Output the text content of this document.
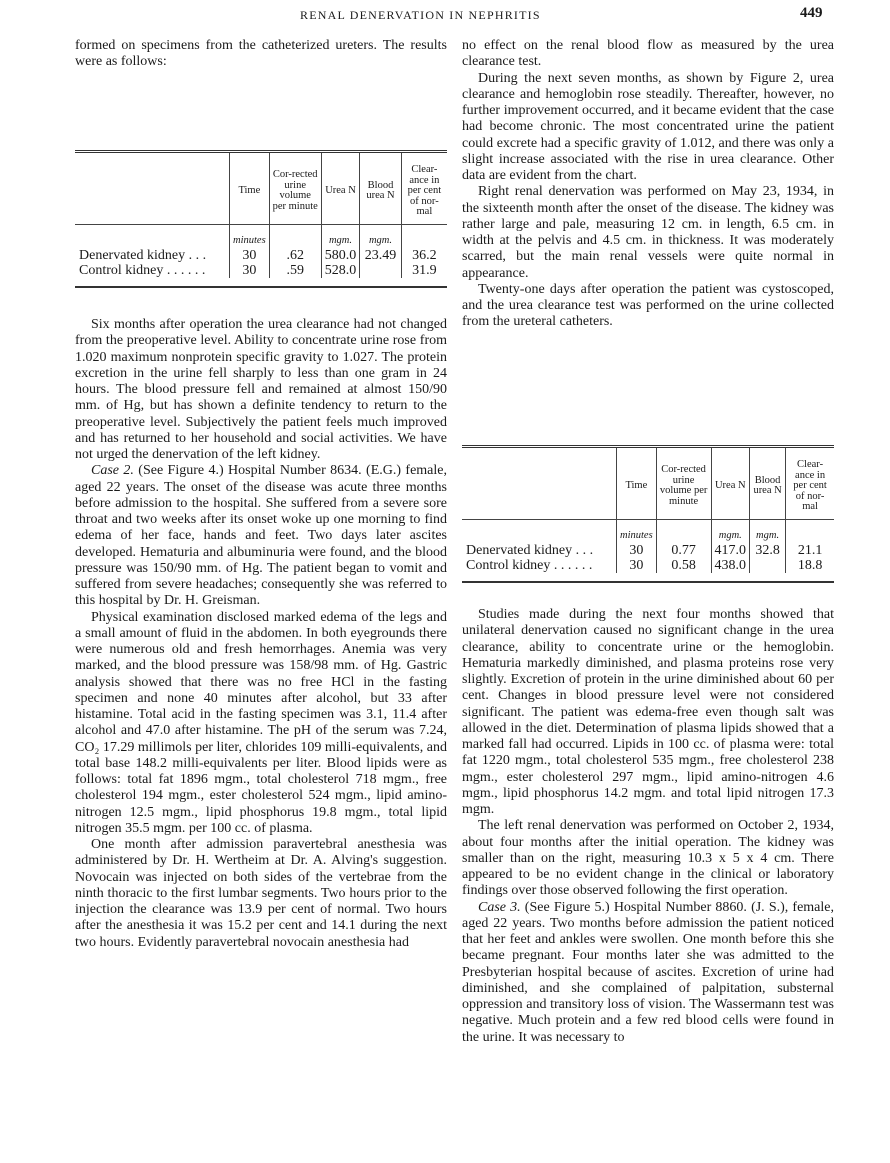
RENAL DENERVATION IN NEPHRITIS	449

formed on specimens from the catheterized ureters. The results were as follows:

	Time	Cor-rected urine volume per minute	Urea N	Blood urea N	Clear-ance in per cent of nor-mal
	minutes		mgm.	mgm.	
Denervated kidney . . .	30	.62	580.0	23.49	36.2
Control kidney . . . . . .	30	.59	528.0		31.9

Six months after operation the urea clearance had not changed from the preoperative level. Ability to concentrate urine rose from 1.020 maximum nonprotein specific gravity to 1.027. The protein excretion in the urine fell sharply to less than one gram in 24 hours. The blood pressure fell and remained at almost 150/90 mm. of Hg, but has shown a definite tendency to return to the preoperative level. Subjectively the patient feels much improved and has returned to her household and social activities. We have not urged the denervation of the left kidney.

Case 2. (See Figure 4.) Hospital Number 8634. (E.G.) female, aged 22 years. The onset of the disease was acute three months before admission to the hospital. She suffered from a severe sore throat and two weeks after its onset woke up one morning to find edema of her face, hands and feet. Two days later ascites developed. Hematuria and albuminuria were found, and the blood pressure was 150/90 mm. of Hg. The patient began to vomit and suffered from severe headaches; consequently she was referred to this hospital by Dr. H. Greisman.

Physical examination disclosed marked edema of the legs and a small amount of fluid in the abdomen. In both eyegrounds there were numerous old and fresh hemorrhages. Anemia was very marked, and the blood pressure was 158/98 mm. of Hg. Gastric analysis showed that there was no free HCl in the fasting specimen and none 40 minutes after alcohol, but 33 after histamine. Total acid in the fasting specimen was 3.1, 11.4 after alcohol and 47.0 after histamine. The pH of the serum was 7.24, CO₂ 17.29 millimols per liter, chlorides 109 milli-equivalents, and total base 148.2 milli-equivalents per liter. Blood lipids were as follows: total fat 1896 mgm., total cholesterol 718 mgm., free cholesterol 194 mgm., ester cholesterol 524 mgm., lipid amino-nitrogen 12.5 mgm., lipid phosphorus 19.8 mgm., total lipid nitrogen 35.5 mgm. per 100 cc. of plasma.

One month after admission paravertebral anesthesia was administered by Dr. H. Wertheim at Dr. A. Alving's suggestion. Novocain was injected on both sides of the vertebrae from the ninth thoracic to the first lumbar segments. Two hours prior to the injection the clearance was 13.9 per cent of normal. Two hours after the anesthesia it was 15.2 per cent and 14.1 during the next two hours. Evidently paravertebral novocain anesthesia had

no effect on the renal blood flow as measured by the urea clearance test.

During the next seven months, as shown by Figure 2, urea clearance and hemoglobin rose steadily. Thereafter, however, no further improvement occurred, and it became evident that the case had become chronic. The most concentrated urine the patient could excrete had a specific gravity of 1.012, and there was only a slight increase associated with the rise in urea clearance. Other data are evident from the chart.

Right renal denervation was performed on May 23, 1934, in the sixteenth month after the onset of the disease. The kidney was rather large and pale, measuring 12 cm. in length, 6.5 cm. in width at the pelvis and 4.5 cm. in thickness. It was moderately scarred, but the main renal vessels were quite normal in appearance.

Twenty-one days after operation the patient was cystoscoped, and the urea clearance test was performed on the urine collected from the ureteral catheters.

	Time	Cor-rected urine volume per minute	Urea N	Blood urea N	Clear-ance in per cent of nor-mal
	minutes		mgm.	mgm.	
Denervated kidney . . .	30	0.77	417.0	32.8	21.1
Control kidney . . . . . .	30	0.58	438.0		18.8

Studies made during the next four months showed that unilateral denervation caused no significant change in the urea clearance, ability to concentrate urine or the hemoglobin. Hematuria markedly diminished, and plasma proteins rose very slightly. Excretion of protein in the urine diminished about 60 per cent. Changes in blood pressure level were not considered significant. The patient was edema-free even though salt was allowed in the diet. Determination of plasma lipids showed that a marked fall had occurred. Lipids in 100 cc. of plasma were: total fat 1220 mgm., total cholesterol 535 mgm., free cholesterol 238 mgm., ester cholesterol 297 mgm., lipid amino-nitrogen 4.6 mgm., lipid phosphorus 14.2 mgm. and total lipid nitrogen 17.3 mgm.

The left renal denervation was performed on October 2, 1934, about four months after the initial operation. The kidney was smaller than on the right, measuring 10.3 x 5 x 4 cm. There appeared to be no evident change in the clinical or laboratory findings over those observed following the first operation.

Case 3. (See Figure 5.) Hospital Number 8860. (J. S.), female, aged 22 years. Two months before admission the patient noticed that her feet and ankles were swollen. One month before this she became pregnant. Four months later she was admitted to the Presbyterian hospital because of ascites. Excretion of urine had diminished, and she complained of palpitation, substernal oppression and transitory loss of vision. The Wassermann test was negative. Much protein and a few red blood cells were found in the urine. It was necessary to
